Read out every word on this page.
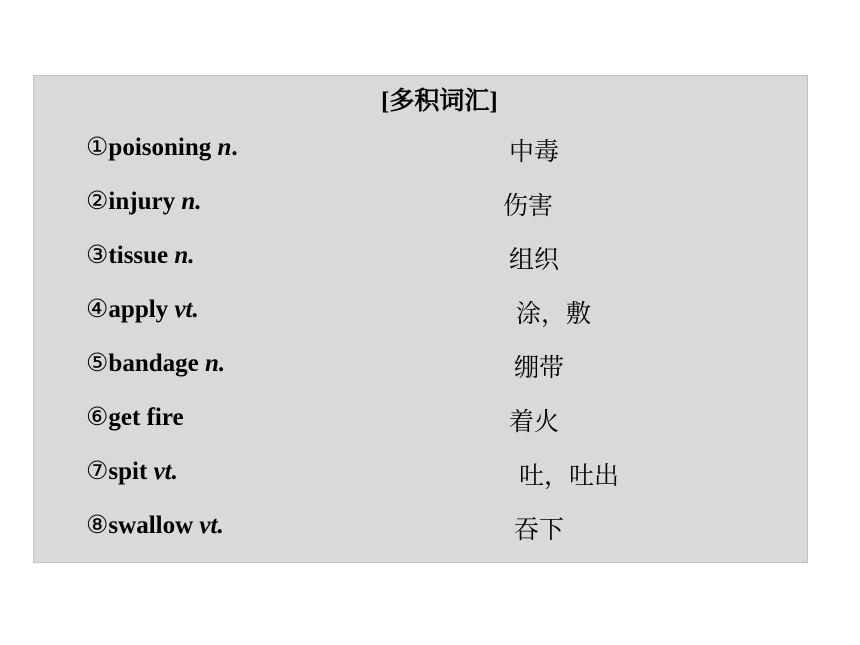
[多积词汇]
①poisoning n.	中毒
②injury n.	伤害
③tissue n.	组织
④apply vt.	涂，敷
⑤bandage n.	绷带
⑥get fire	着火
⑦spit vt.	吐，吐出
⑧swallow vt.	吞下
